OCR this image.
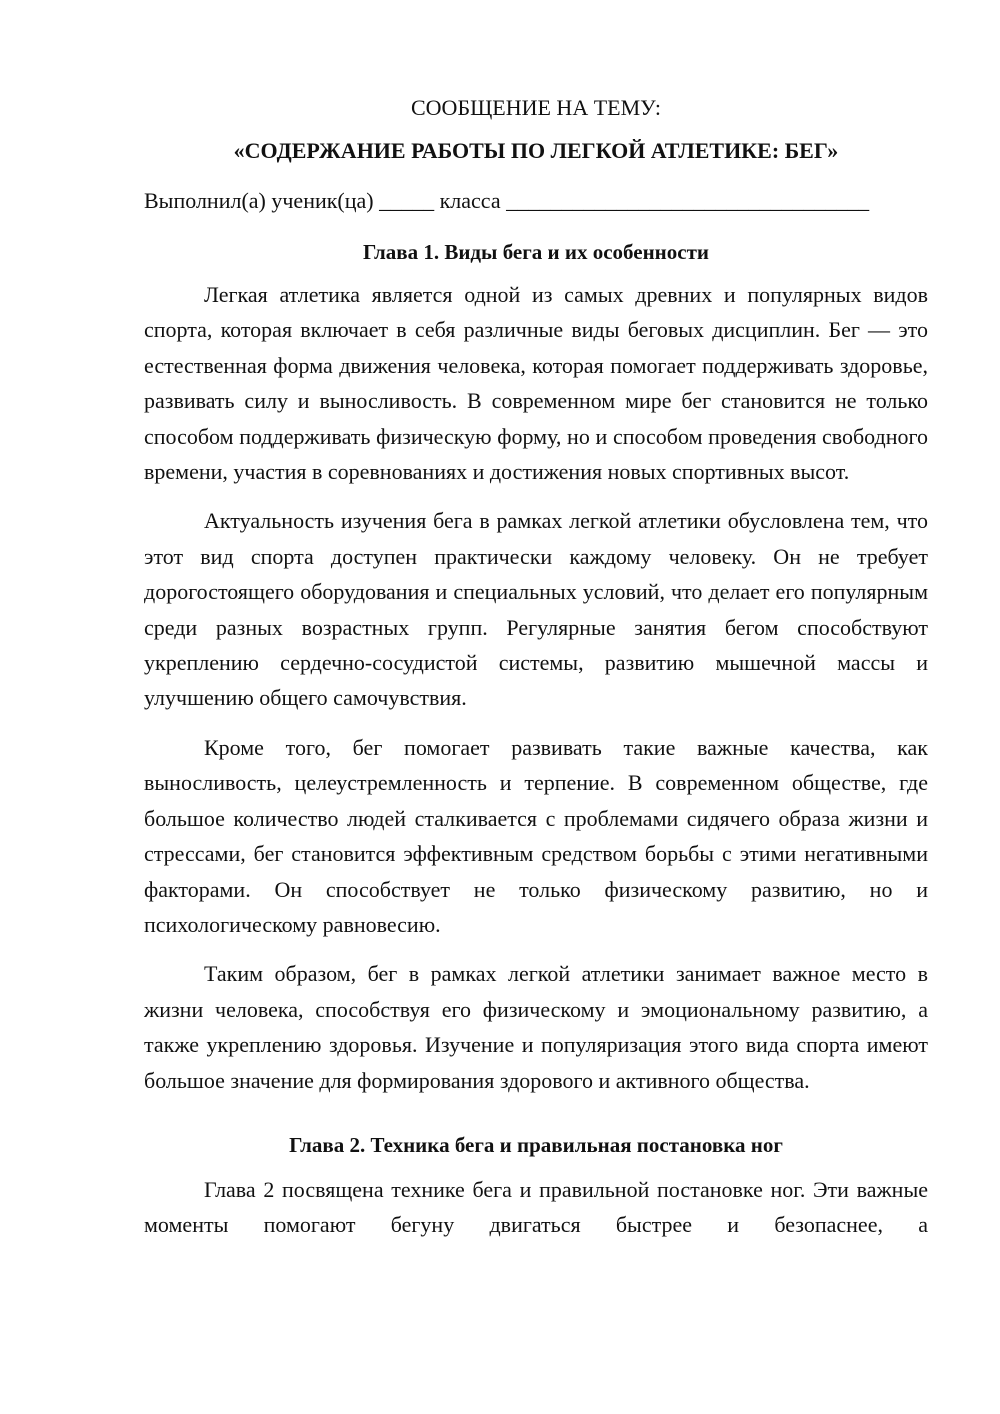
СООБЩЕНИЕ НА ТЕМУ:

«СОДЕРЖАНИЕ РАБОТЫ ПО ЛЕГКОЙ АТЛЕТИКЕ: БЕГ»

Выполнил(а) ученик(ца) _____ класса _________________________________
Глава 1. Виды бега и их особенности

Легкая атлетика является одной из самых древних и популярных видов спорта, которая включает в себя различные виды беговых дисциплин. Бег — это естественная форма движения человека, которая помогает поддерживать здоровье, развивать силу и выносливость. В современном мире бег становится не только способом поддерживать физическую форму, но и способом проведения свободного времени, участия в соревнованиях и достижения новых спортивных высот.

Актуальность изучения бега в рамках легкой атлетики обусловлена тем, что этот вид спорта доступен практически каждому человеку. Он не требует дорогостоящего оборудования и специальных условий, что делает его популярным среди разных возрастных групп. Регулярные занятия бегом способствуют укреплению сердечно-сосудистой системы, развитию мышечной массы и улучшению общего самочувствия.

Кроме того, бег помогает развивать такие важные качества, как выносливость, целеустремленность и терпение. В современном обществе, где большое количество людей сталкивается с проблемами сидячего образа жизни и стрессами, бег становится эффективным средством борьбы с этими негативными факторами. Он способствует не только физическому развитию, но и психологическому равновесию.

Таким образом, бег в рамках легкой атлетики занимает важное место в жизни человека, способствуя его физическому и эмоциональному развитию, а также укреплению здоровья. Изучение и популяризация этого вида спорта имеют большое значение для формирования здорового и активного общества.

Глава 2. Техника бега и правильная постановка ног

Глава 2 посвящена технике бега и правильной постановке ног. Эти важные моменты помогают бегуну двигаться быстрее и безопаснее, а
